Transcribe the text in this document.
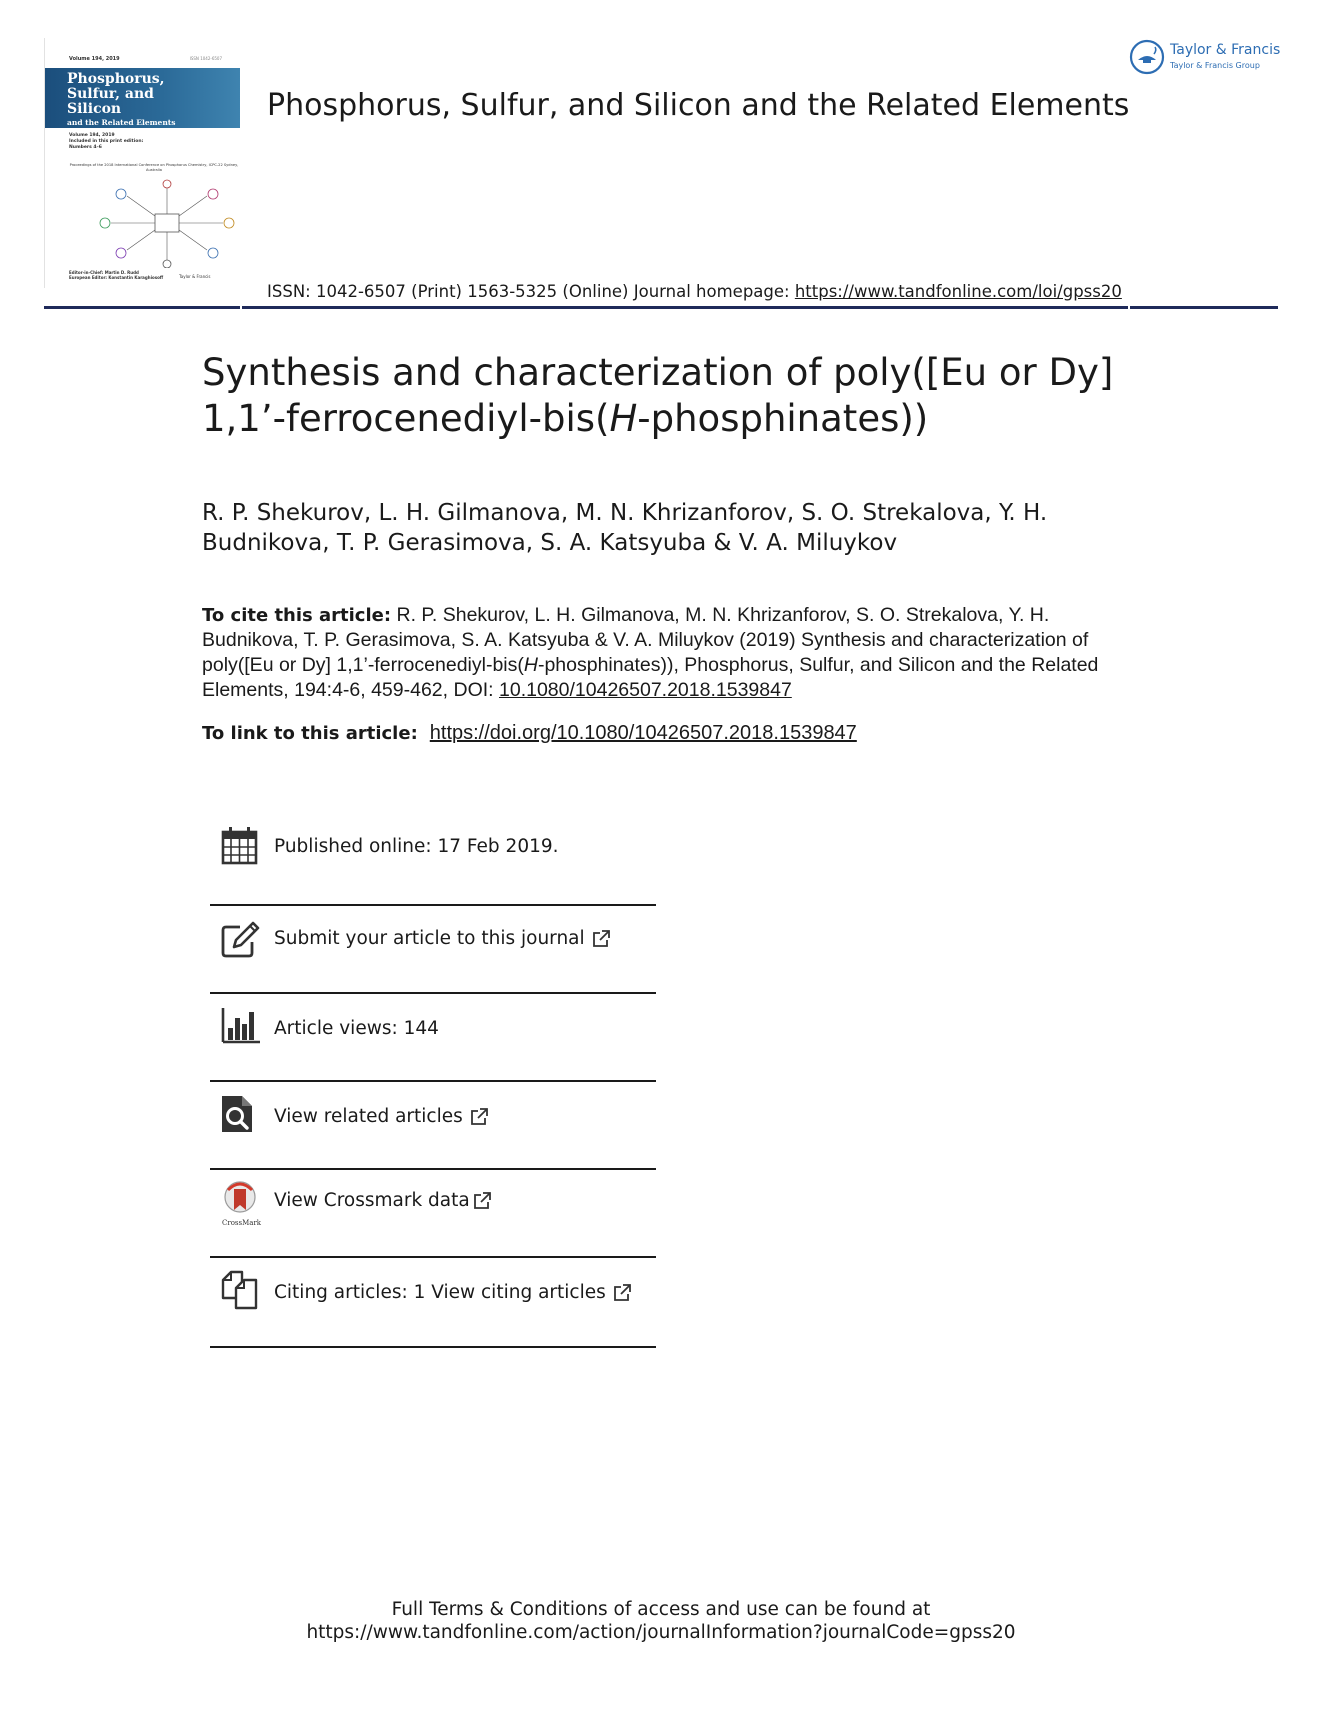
Volume 194, 2019	ISSN 1042-6507
Phosphorus,
Sulfur, and
Silicon
and the Related Elements
Volume 194, 2019
Included in this print edition:
Numbers 4–6
Proceedings of the 2018 International Conference on Phosphorus Chemistry, ICPC-22 Sydney, Australia
Editor-in-Chief: Martin D. Rudd
European Editor: Konstantin Karaghiosoff	Taylor & Francis
Phosphorus, Sulfur, and Silicon and the Related Elements
Taylor & Francis
Taylor & Francis Group
ISSN: 1042-6507 (Print) 1563-5325 (Online) Journal homepage: https://www.tandfonline.com/loi/gpss20
Synthesis and characterization of poly([Eu or Dy]
1,1’-ferrocenediyl-bis(H-phosphinates))
R. P. Shekurov, L. H. Gilmanova, M. N. Khrizanforov, S. O. Strekalova, Y. H. Budnikova, T. P. Gerasimova, S. A. Katsyuba & V. A. Miluykov
To cite this article: R. P. Shekurov, L. H. Gilmanova, M. N. Khrizanforov, S. O. Strekalova, Y. H. Budnikova, T. P. Gerasimova, S. A. Katsyuba & V. A. Miluykov (2019) Synthesis and characterization of poly([Eu or Dy] 1,1’-ferrocenediyl-bis(H-phosphinates)), Phosphorus, Sulfur, and Silicon and the Related Elements, 194:4-6, 459-462, DOI: 10.1080/10426507.2018.1539847
To link to this article: https://doi.org/10.1080/10426507.2018.1539847
Published online: 17 Feb 2019.
Submit your article to this journal
Article views: 144
View related articles
CrossMark
View Crossmark data
Citing articles: 1 View citing articles
Full Terms & Conditions of access and use can be found at
https://www.tandfonline.com/action/journalInformation?journalCode=gpss20
